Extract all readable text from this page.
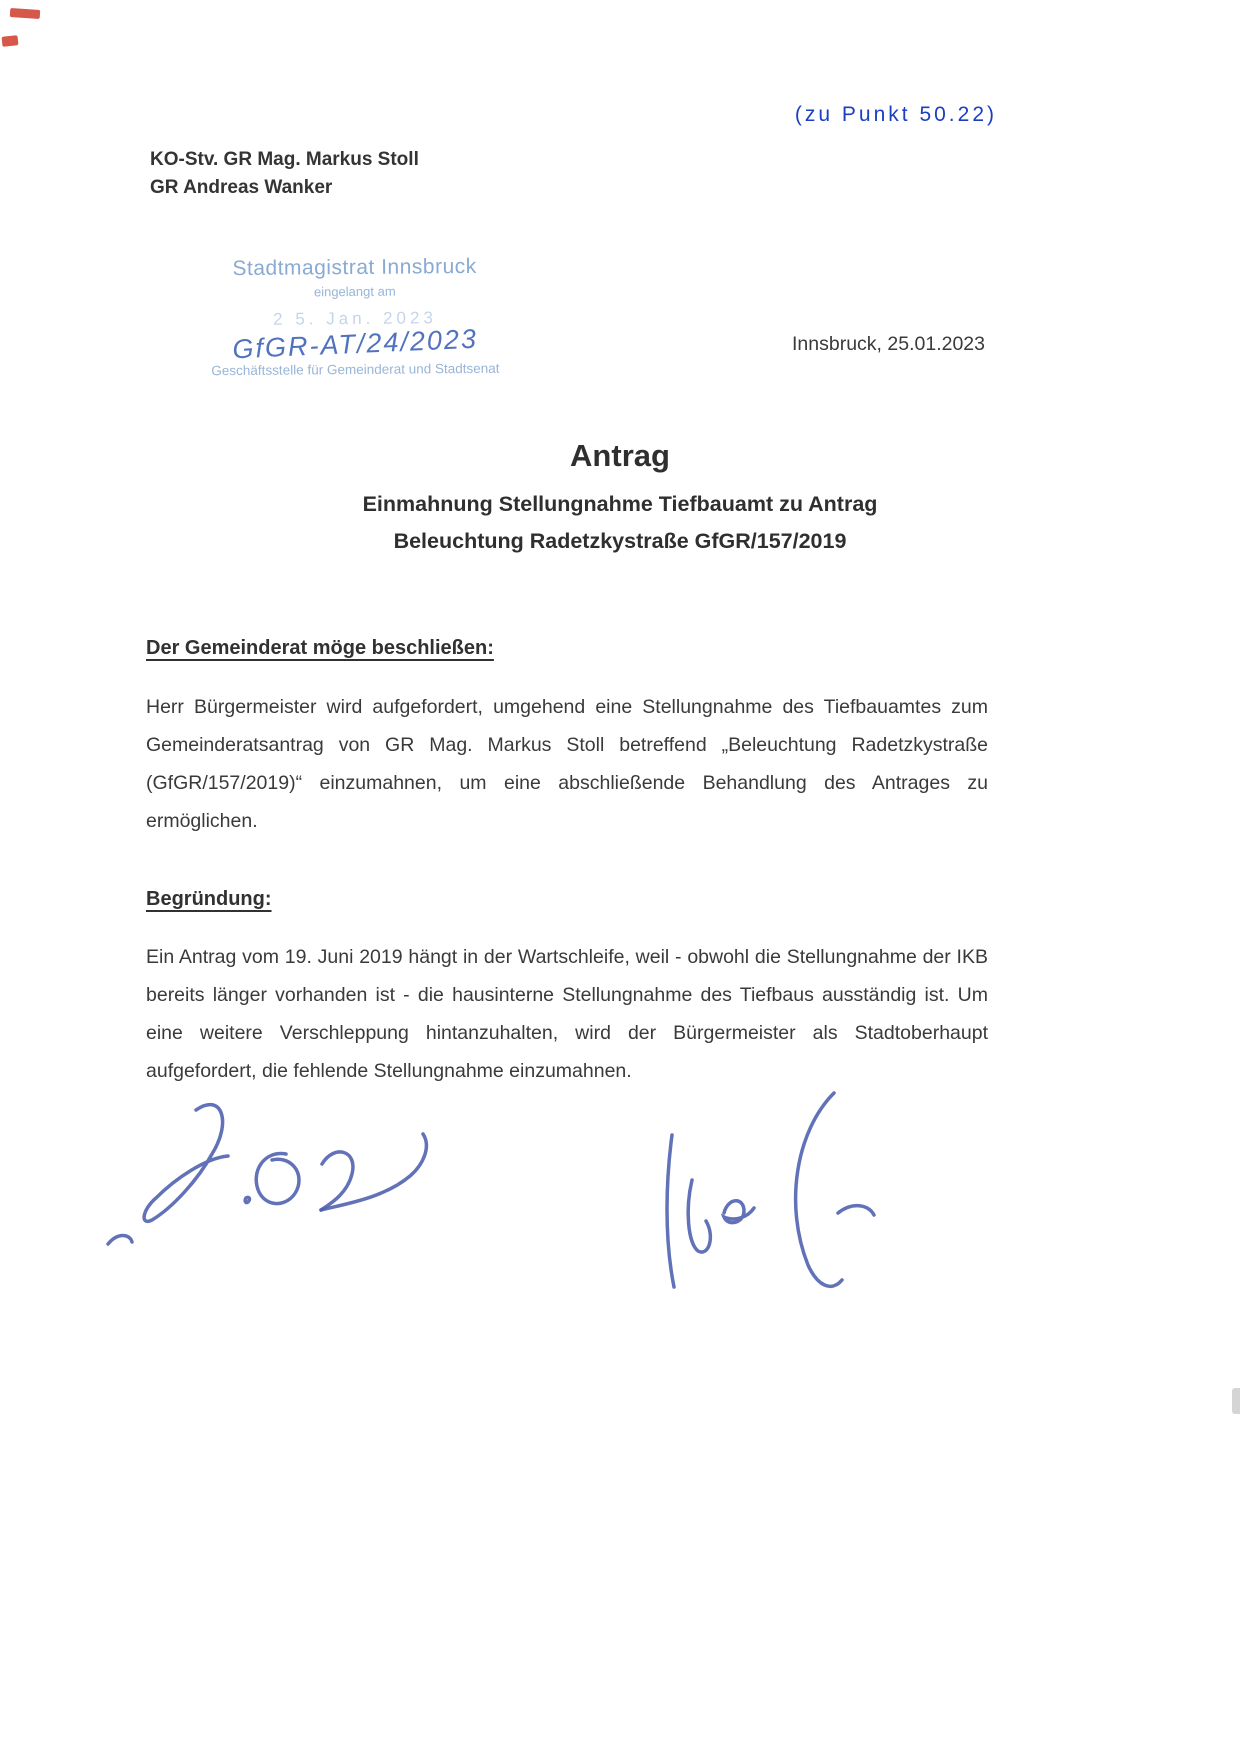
(zu Punkt 50.22)
KO-Stv. GR Mag. Markus Stoll
GR Andreas Wanker
Stadtmagistrat Innsbruck
eingelangt am
2 5. Jan. 2023
GfGR-AT/24/2023
Geschäftsstelle für Gemeinderat und Stadtsenat
Innsbruck, 25.01.2023
Antrag
Einmahnung Stellungnahme Tiefbauamt zu Antrag
Beleuchtung Radetzkystraße GfGR/157/2019
Der Gemeinderat möge beschließen:
Herr Bürgermeister wird aufgefordert, umgehend eine Stellungnahme des Tiefbauamtes zum Gemeinderatsantrag von GR Mag. Markus Stoll betreffend „Beleuchtung Radetzkystraße (GfGR/157/2019)“ einzumahnen, um eine abschließende Behandlung des Antrages zu ermöglichen.
Begründung:
Ein Antrag vom 19. Juni 2019 hängt in der Wartschleife, weil - obwohl die Stellungnahme der IKB bereits länger vorhanden ist - die hausinterne Stellungnahme des Tiefbaus ausständig ist. Um eine weitere Verschleppung hintanzuhalten, wird der Bürgermeister als Stadtoberhaupt aufgefordert, die fehlende Stellungnahme einzumahnen.
